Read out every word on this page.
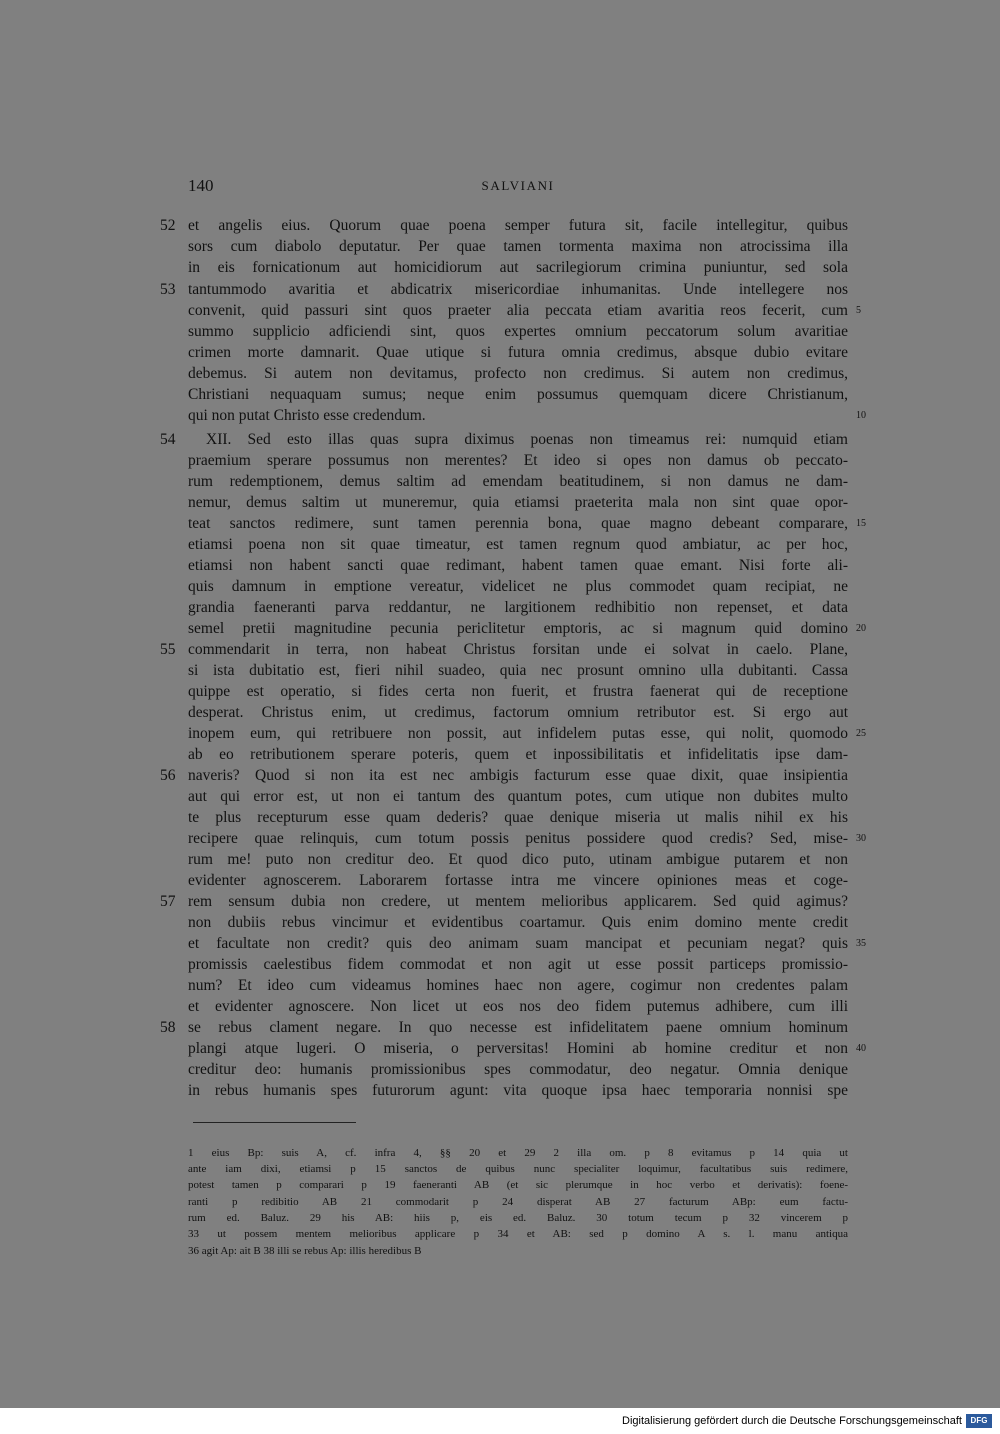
140	SALVIANI
et angelis eius. Quorum quae poena semper futura sit, facile intellegitur, quibus
sors cum diabolo deputatur. Per quae tamen tormenta maxima non atrocissima illa
in eis fornicationum aut homicidiorum aut sacrilegiorum crimina puniuntur, sed sola
tantummodo avaritia et abdicatrix misericordiae inhumanitas. Unde intellegere nos
convenit, quid passuri sint quos praeter alia peccata etiam avaritia reos fecerit, cum
summo supplicio adficiendi sint, quos expertes omnium peccatorum solum avaritiae
crimen morte damnarit. Quae utique si futura omnia credimus, absque dubio evitare
debemus. Si autem non devitamus, profecto non credimus. Si autem non credimus,
Christiani nequaquam sumus; neque enim possumus quemquam dicere Christianum,
qui non putat Christo esse credendum.
XII. Sed esto illas quas supra diximus poenas non timeamus rei: numquid etiam
praemium sperare possumus non merentes? Et ideo si opes non damus ob peccato-
rum redemptionem, demus saltim ad emendam beatitudinem, si non damus ne dam-
nemur, demus saltim ut muneremur, quia etiamsi praeterita mala non sint quae opor-
teat sanctos redimere, sunt tamen perennia bona, quae magno debeant comparare,
etiamsi poena non sit quae timeatur, est tamen regnum quod ambiatur, ac per hoc,
etiamsi non habent sancti quae redimant, habent tamen quae emant. Nisi forte ali-
quis damnum in emptione vereatur, videlicet ne plus commodet quam recipiat, ne
grandia faeneranti parva reddantur, ne largitionem redhibitio non repenset, et data
semel pretii magnitudine pecunia periclitetur emptoris, ac si magnum quid domino
commendarit in terra, non habeat Christus forsitan unde ei solvat in caelo. Plane,
si ista dubitatio est, fieri nihil suadeo, quia nec prosunt omnino ulla dubitanti. Cassa
quippe est operatio, si fides certa non fuerit, et frustra faenerat qui de receptione
desperat. Christus enim, ut credimus, factorum omnium retributor est. Si ergo aut
inopem eum, qui retribuere non possit, aut infidelem putas esse, qui nolit, quomodo
ab eo retributionem sperare poteris, quem et inpossibilitatis et infidelitatis ipse dam-
naveris? Quod si non ita est nec ambigis facturum esse quae dixit, quae insipientia
aut qui error est, ut non ei tantum des quantum potes, cum utique non dubites multo
te plus recepturum esse quam dederis? quae denique miseria ut malis nihil ex his
recipere quae relinquis, cum totum possis penitus possidere quod credis? Sed, mise-
rum me! puto non creditur deo. Et quod dico puto, utinam ambigue putarem et non
evidenter agnoscerem. Laborarem fortasse intra me vincere opiniones meas et coge-
rem sensum dubia non credere, ut mentem melioribus applicarem. Sed quid agimus?
non dubiis rebus vincimur et evidentibus coartamur. Quis enim domino mente credit
et facultate non credit? quis deo animam suam mancipat et pecuniam negat? quis
promissis caelestibus fidem commodat et non agit ut esse possit particeps promissio-
num? Et ideo cum videamus homines haec non agere, cogimur non credentes palam
et evidenter agnoscere. Non licet ut eos nos deo fidem putemus adhibere, cum illi
se rebus clament negare. In quo necesse est infidelitatem paene omnium hominum
plangi atque lugeri. O miseria, o perversitas! Homini ab homine creditur et non
creditur deo: humanis promissionibus spes commodatur, deo negatur. Omnia denique
in rebus humanis spes futurorum agunt: vita quoque ipsa haec temporaria nonnisi spe
52
53
54
55
56
57
58
5
10
15
20
25
30
35
40
1 eius Bp: suis A, cf. infra 4, §§ 20 et 29 2 illa om. p 8 evitamus p 14 quia ut
ante iam dixi, etiamsi p 15 sanctos de quibus nunc specialiter loquimur, facultatibus suis redimere,
potest tamen p comparari p 19 faeneranti AB (et sic plerumque in hoc verbo et derivatis): foene-
ranti p redibitio AB 21 commodarit p 24 disperat AB 27 facturum ABp: eum factu-
rum ed. Baluz. 29 his AB: hiis p, eis ed. Baluz. 30 totum tecum p 32 vincerem p
33 ut possem mentem melioribus applicare p 34 et AB: sed p domino A s. l. manu antiqua
36 agit Ap: ait B 38 illi se rebus Ap: illis heredibus B
Digitalisierung gefördert durch die Deutsche Forschungsgemeinschaft	DFG
